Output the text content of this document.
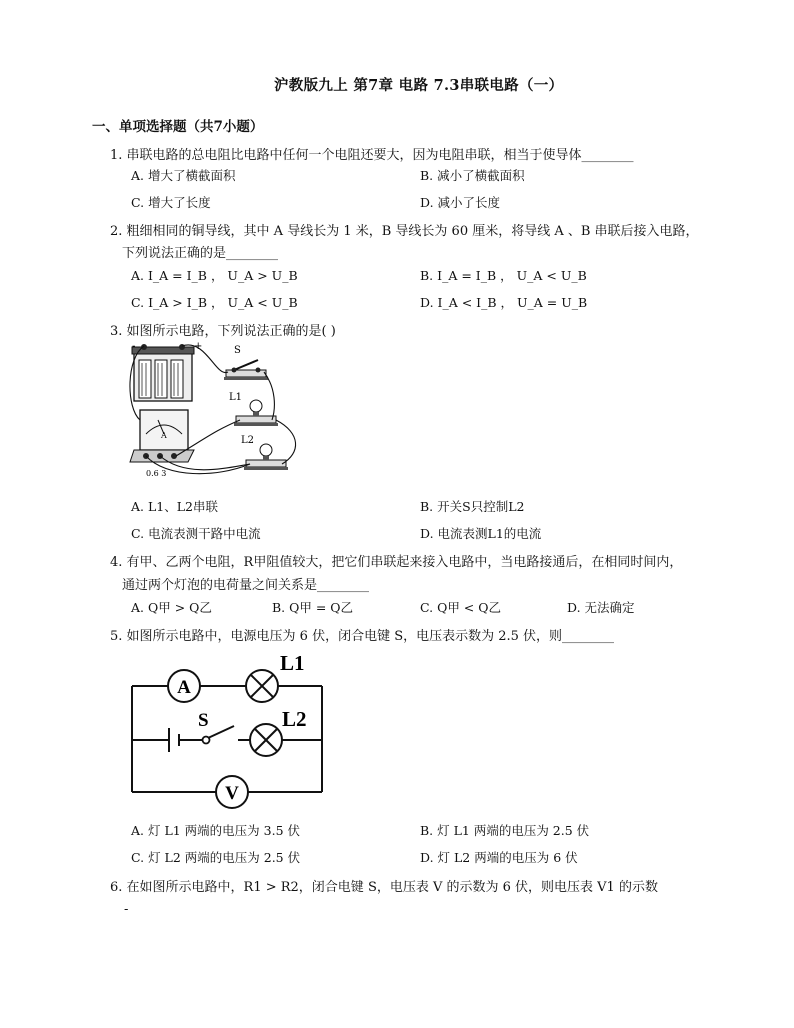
沪教版九上 第7章 电路 7.3串联电路（一）
一、单项选择题（共7小题）
1. 串联电路的总电阻比电路中任何一个电阻还要大，因为电阻串联，相当于使导体________
A. 增大了横截面积	B. 减小了横截面积
C. 增大了长度	D. 减小了长度
2. 粗细相同的铜导线，其中 A 导线长为 1 米，B 导线长为 60 厘米，将导线 A 、B 串联后接入电路，
下列说法正确的是________
A. I_A = I_B ， U_A > U_B	B. I_A = I_B ， U_A < U_B
C. I_A > I_B ， U_A < U_B	D. I_A < I_B ， U_A = U_B
3. 如图所示电路，下列说法正确的是( )
-	+	S
L1
L2
A
0.6 3
A. L1、L2串联	B. 开关S只控制L2
C. 电流表测干路中电流	D. 电流表测L1的电流
4. 有甲、乙两个电阻，R甲阻值较大，把它们串联起来接入电路中，当电路接通后，在相同时间内，
通过两个灯泡的电荷量之间关系是________
A. Q甲 > Q乙	B. Q甲 = Q乙	C. Q甲 < Q乙	D. 无法确定
5. 如图所示电路中，电源电压为 6 伏，闭合电键 S，电压表示数为 2.5 伏，则________
S
A
L1
L2
V
A. 灯 L1 两端的电压为 3.5 伏	B. 灯 L1 两端的电压为 2.5 伏
C. 灯 L2 两端的电压为 2.5 伏	D. 灯 L2 两端的电压为 6 伏
6. 在如图所示电路中，R1 > R2，闭合电键 S，电压表 V 的示数为 6 伏，则电压表 V1 的示数
-
